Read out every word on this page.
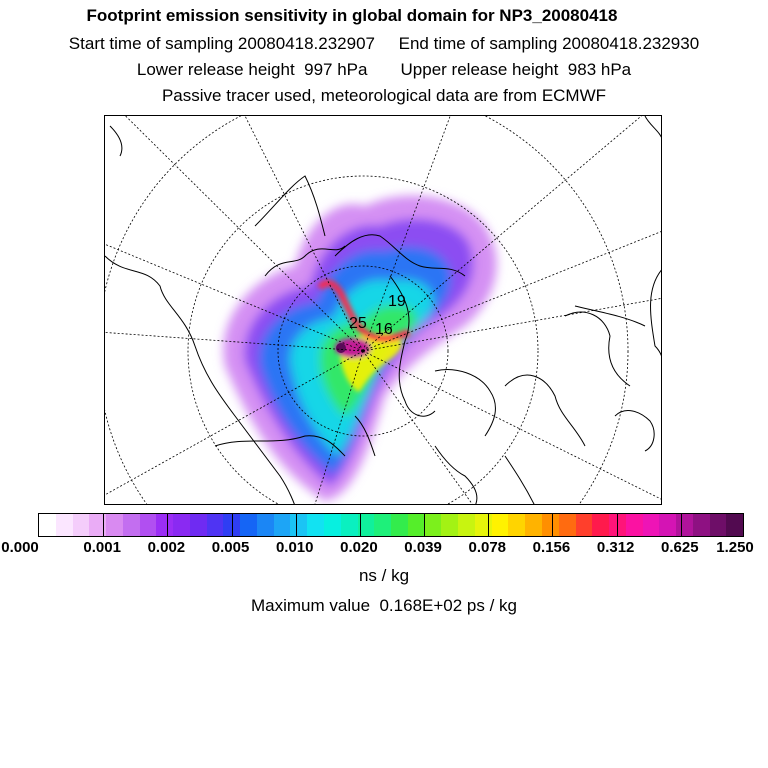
Footprint emission sensitivity in global domain for NP3_20080418
Start time of sampling 20080418.232907     End time of sampling 20080418.232930
Lower release height  997 hPa       Upper release height  983 hPa
Passive tracer used, meteorological data are from ECMWF
19
25 16
0.000	0.001 0.002 0.005 0.010 0.020 0.039 0.078 0.156 0.312 0.625 1.250
ns / kg
Maximum value  0.168E+02 ps / kg
